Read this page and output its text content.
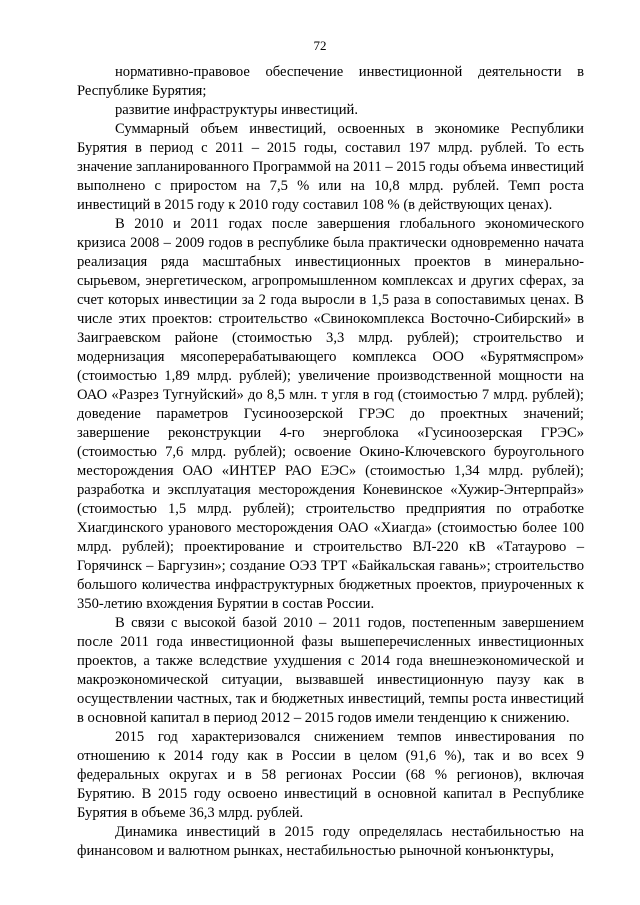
72

нормативно-правовое обеспечение инвестиционной деятельности в Республике Бурятия;

развитие инфраструктуры инвестиций.

Суммарный объем инвестиций, освоенных в экономике Республики Бурятия в период с 2011 – 2015 годы, составил 197 млрд. рублей. То есть значение запланированного Программой на 2011 – 2015 годы объема инвестиций выполнено с приростом на 7,5 % или на 10,8 млрд. рублей. Темп роста инвестиций в 2015 году к 2010 году составил 108 % (в действующих ценах).

В 2010 и 2011 годах после завершения глобального экономического кризиса 2008 – 2009 годов в республике была практически одновременно начата реализация ряда масштабных инвестиционных проектов в минерально-сырьевом, энергетическом, агропромышленном комплексах и других сферах, за счет которых инвестиции за 2 года выросли в 1,5 раза в сопоставимых ценах. В числе этих проектов: строительство «Свинокомплекса Восточно-Сибирский» в Заиграевском районе (стоимостью 3,3 млрд. рублей); строительство и модернизация мясоперерабатывающего комплекса ООО «Бурятмяспром» (стоимостью 1,89 млрд. рублей); увеличение производственной мощности на ОАО «Разрез Тугнуйский» до 8,5 млн. т угля в год (стоимостью 7 млрд. рублей); доведение параметров Гусиноозерской ГРЭС до проектных значений; завершение реконструкции 4-го энергоблока «Гусиноозерская ГРЭС» (стоимостью 7,6 млрд. рублей); освоение Окино-Ключевского буроугольного месторождения ОАО «ИНТЕР РАО ЕЭС» (стоимостью 1,34 млрд. рублей); разработка и эксплуатация месторождения Коневинское «Хужир-Энтерпрайз» (стоимостью 1,5 млрд. рублей); строительство предприятия по отработке Хиагдинского уранового месторождения ОАО «Хиагда» (стоимостью более 100 млрд. рублей); проектирование и строительство ВЛ-220 кВ «Татаурово – Горячинск – Баргузин»; создание ОЭЗ ТРТ «Байкальская гавань»; строительство большого количества инфраструктурных бюджетных проектов, приуроченных к 350-летию вхождения Бурятии в состав России.

В связи с высокой базой 2010 – 2011 годов, постепенным завершением после 2011 года инвестиционной фазы вышеперечисленных инвестиционных проектов, а также вследствие ухудшения с 2014 года внешнеэкономической и макроэкономической ситуации, вызвавшей инвестиционную паузу как в осуществлении частных, так и бюджетных инвестиций, темпы роста инвестиций в основной капитал в период 2012 – 2015 годов имели тенденцию к снижению.

2015 год характеризовался снижением темпов инвестирования по отношению к 2014 году как в России в целом (91,6 %), так и во всех 9 федеральных округах и в 58 регионах России (68 % регионов), включая Бурятию. В 2015 году освоено инвестиций в основной капитал в Республике Бурятия в объеме 36,3 млрд. рублей.

Динамика инвестиций в 2015 году определялась нестабильностью на финансовом и валютном рынках, нестабильностью рыночной конъюнктуры,
